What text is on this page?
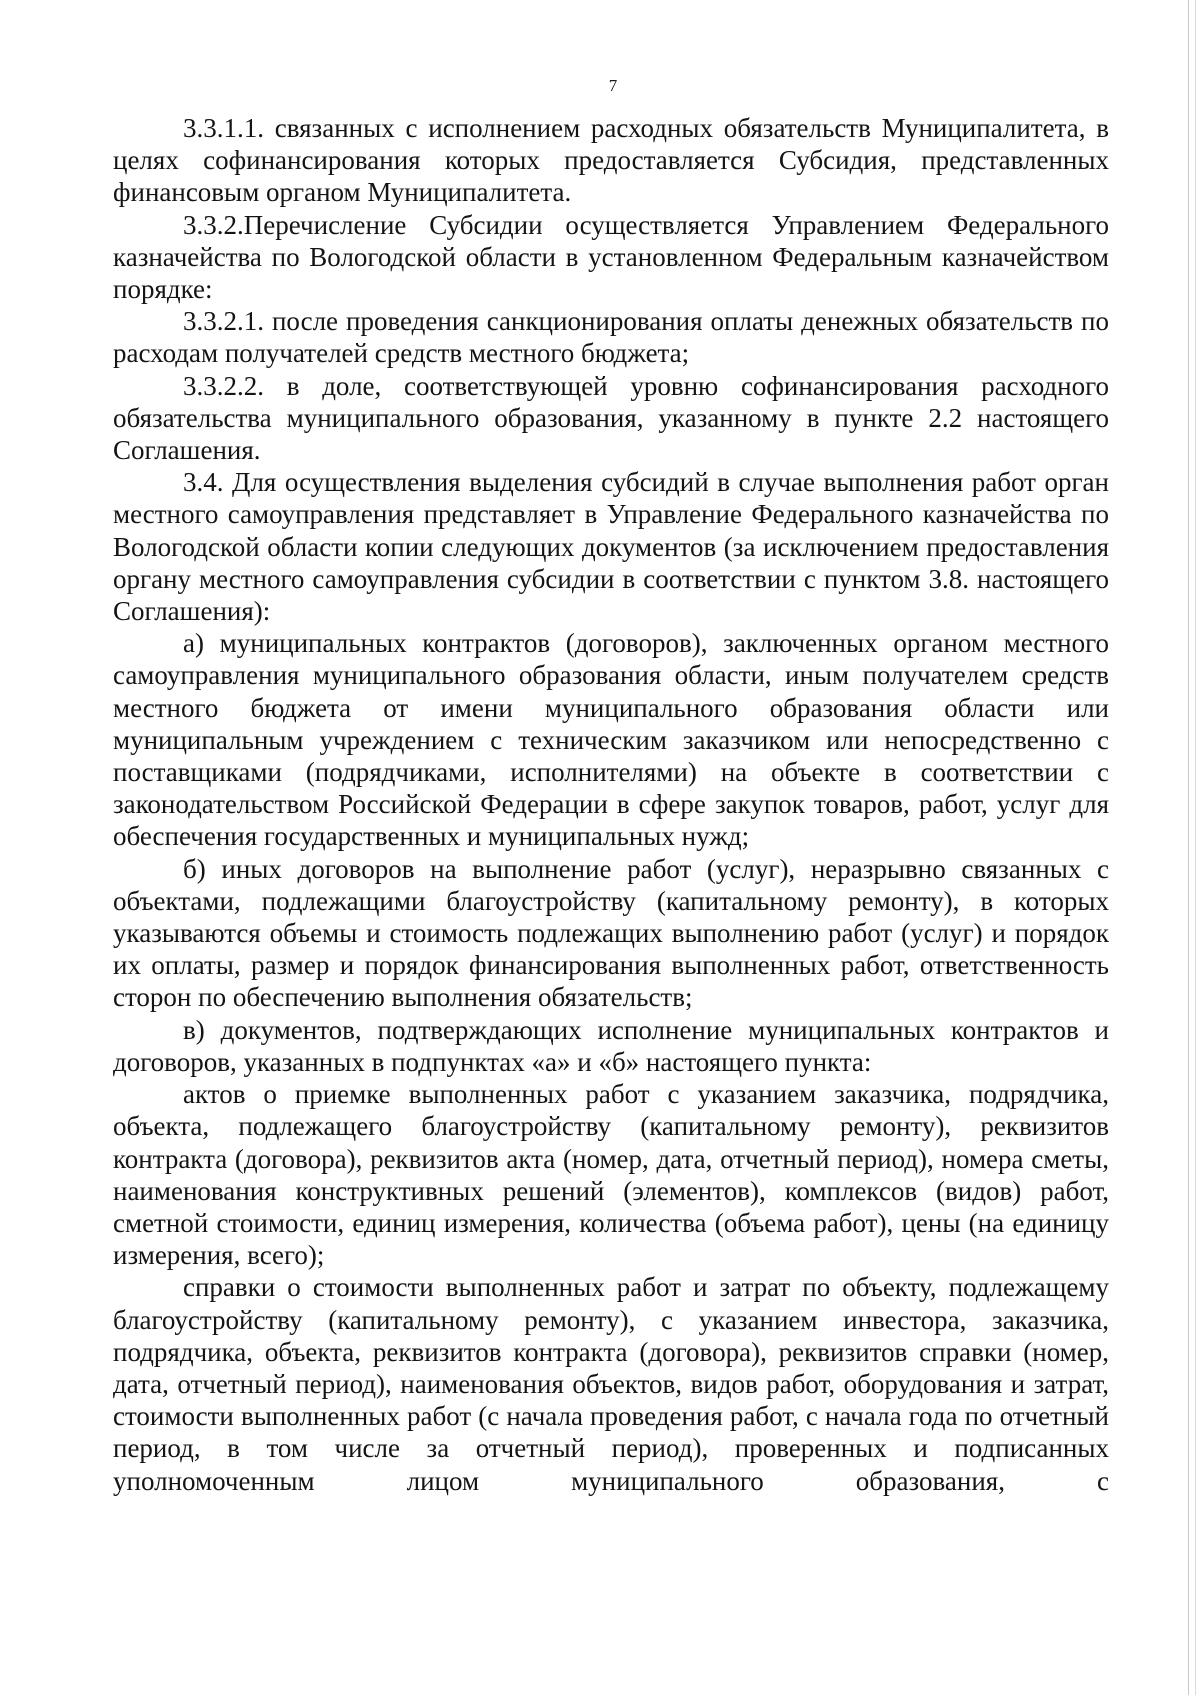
7

3.3.1.1. связанных с исполнением расходных обязательств Муниципалитета, в целях софинансирования которых предоставляется Субсидия, представленных финансовым органом Муниципалитета.

3.3.2.Перечисление Субсидии осуществляется Управлением Федерального казначейства по Вологодской области в установленном Федеральным казначейством порядке:

3.3.2.1. после проведения санкционирования оплаты денежных обязательств по расходам получателей средств местного бюджета;

3.3.2.2. в доле, соответствующей уровню софинансирования расходного обязательства муниципального образования, указанному в пункте 2.2 настоящего Соглашения.

3.4. Для осуществления выделения субсидий в случае выполнения работ орган местного самоуправления представляет в Управление Федерального казначейства по Вологодской области копии следующих документов (за исключением предоставления органу местного самоуправления субсидии в соответствии с пунктом 3.8. настоящего Соглашения):

а) муниципальных контрактов (договоров), заключенных органом местного самоуправления муниципального образования области, иным получателем средств местного бюджета от имени муниципального образования области или муниципальным учреждением с техническим заказчиком или непосредственно с поставщиками (подрядчиками, исполнителями) на объекте в соответствии с законодательством Российской Федерации в сфере закупок товаров, работ, услуг для обеспечения государственных и муниципальных нужд;

б) иных договоров на выполнение работ (услуг), неразрывно связанных с объектами, подлежащими благоустройству (капитальному ремонту), в которых указываются объемы и стоимость подлежащих выполнению работ (услуг) и порядок их оплаты, размер и порядок финансирования выполненных работ, ответственность сторон по обеспечению выполнения обязательств;

в) документов, подтверждающих исполнение муниципальных контрактов и договоров, указанных в подпунктах «а» и «б» настоящего пункта:

актов о приемке выполненных работ с указанием заказчика, подрядчика, объекта, подлежащего благоустройству (капитальному ремонту), реквизитов контракта (договора), реквизитов акта (номер, дата, отчетный период), номера сметы, наименования конструктивных решений (элементов), комплексов (видов) работ, сметной стоимости, единиц измерения, количества (объема работ), цены (на единицу измерения, всего);

справки о стоимости выполненных работ и затрат по объекту, подлежащему благоустройству (капитальному ремонту), с указанием инвестора, заказчика, подрядчика, объекта, реквизитов контракта (договора), реквизитов справки (номер, дата, отчетный период), наименования объектов, видов работ, оборудования и затрат, стоимости выполненных работ (с начала проведения работ, с начала года по отчетный период, в том числе за отчетный период), проверенных и подписанных уполномоченным лицом муниципального образования, с
